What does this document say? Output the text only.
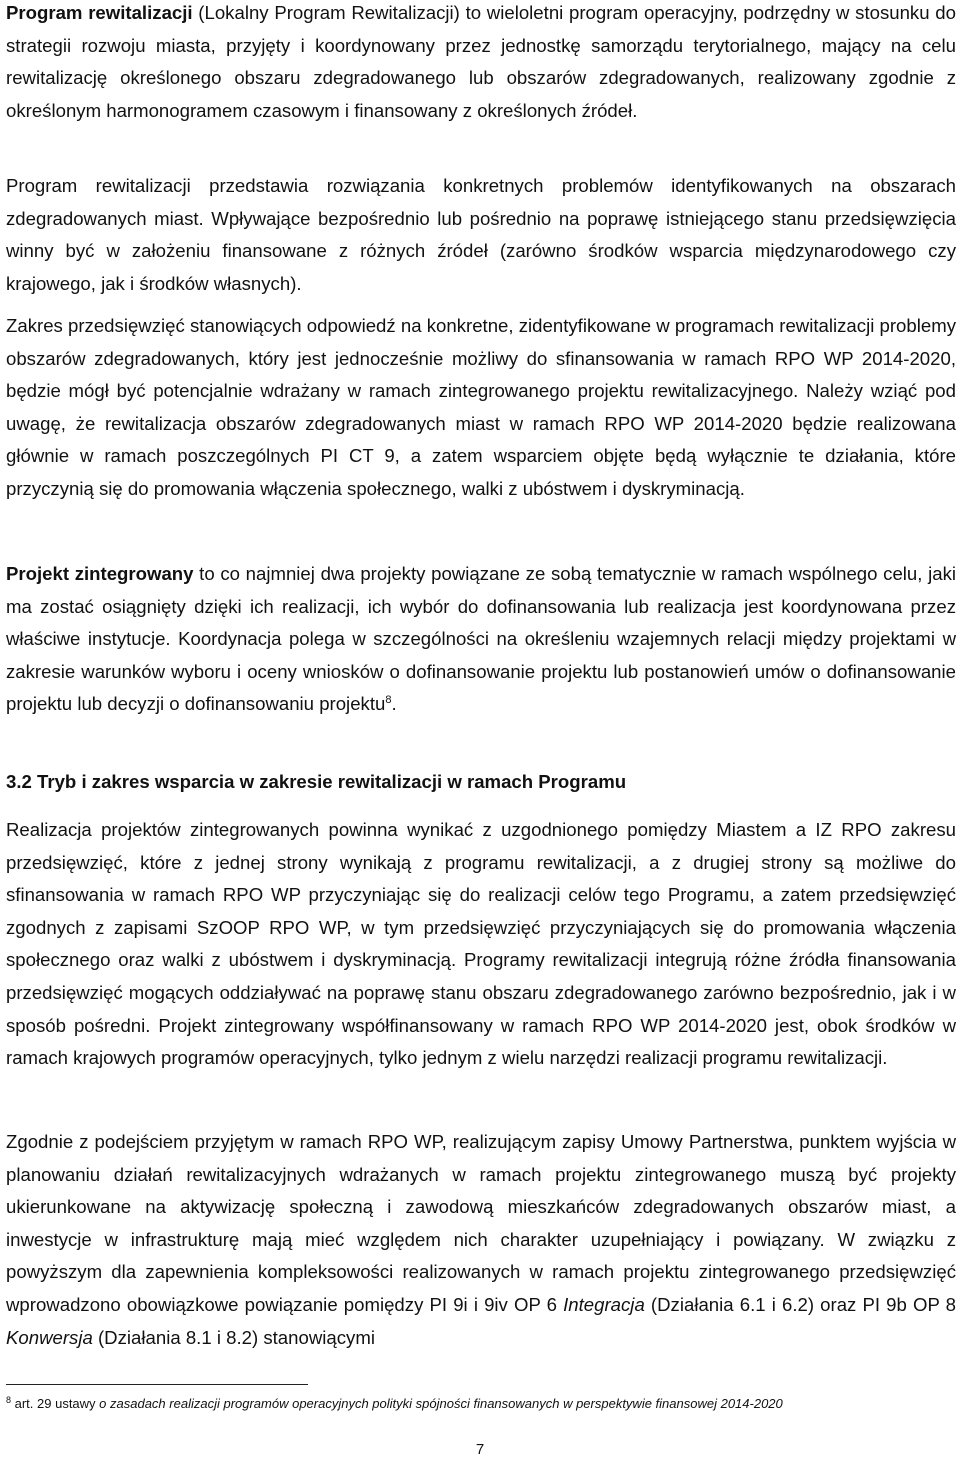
Program rewitalizacji (Lokalny Program Rewitalizacji) to wieloletni program operacyjny, podrzędny w stosunku do strategii rozwoju miasta, przyjęty i koordynowany przez jednostkę samorządu terytorialnego, mający na celu rewitalizację określonego obszaru zdegradowanego lub obszarów zdegradowanych, realizowany zgodnie z określonym harmonogramem czasowym i finansowany z określonych źródeł.

Program rewitalizacji przedstawia rozwiązania konkretnych problemów identyfikowanych na obszarach zdegradowanych miast. Wpływające bezpośrednio lub pośrednio na poprawę istniejącego stanu przedsięwzięcia winny być w założeniu finansowane z różnych źródeł (zarówno środków wsparcia międzynarodowego czy krajowego, jak i środków własnych).

Zakres przedsięwzięć stanowiących odpowiedź na konkretne, zidentyfikowane w programach rewitalizacji problemy obszarów zdegradowanych, który jest jednocześnie możliwy do sfinansowania w ramach RPO WP 2014-2020, będzie mógł być potencjalnie wdrażany w ramach zintegrowanego projektu rewitalizacyjnego. Należy wziąć pod uwagę, że rewitalizacja obszarów zdegradowanych miast w ramach RPO WP 2014-2020 będzie realizowana głównie w ramach poszczególnych PI CT 9, a zatem wsparciem objęte będą wyłącznie te działania, które przyczynią się do promowania włączenia społecznego, walki z ubóstwem i dyskryminacją.

Projekt zintegrowany to co najmniej dwa projekty powiązane ze sobą tematycznie w ramach wspólnego celu, jaki ma zostać osiągnięty dzięki ich realizacji, ich wybór do dofinansowania lub realizacja jest koordynowana przez właściwe instytucje. Koordynacja polega w szczególności na określeniu wzajemnych relacji między projektami w zakresie warunków wyboru i oceny wniosków o dofinansowanie projektu lub postanowień umów o dofinansowanie projektu lub decyzji o dofinansowaniu projektu$^8$.

3.2 Tryb i zakres wsparcia w zakresie rewitalizacji w ramach Programu

Realizacja projektów zintegrowanych powinna wynikać z uzgodnionego pomiędzy Miastem a IZ RPO zakresu przedsięwzięć, które z jednej strony wynikają z programu rewitalizacji, a z drugiej strony są możliwe do sfinansowania w ramach RPO WP przyczyniając się do realizacji celów tego Programu, a zatem przedsięwzięć zgodnych z zapisami SzOOP RPO WP, w tym przedsięwzięć przyczyniających się do promowania włączenia społecznego oraz walki z ubóstwem i dyskryminacją. Programy rewitalizacji integrują różne źródła finansowania przedsięwzięć mogących oddziaływać na poprawę stanu obszaru zdegradowanego zarówno bezpośrednio, jak i w sposób pośredni. Projekt zintegrowany współfinansowany w ramach RPO WP 2014-2020 jest, obok środków w ramach krajowych programów operacyjnych, tylko jednym z wielu narzędzi realizacji programu rewitalizacji.

Zgodnie z podejściem przyjętym w ramach RPO WP, realizującym zapisy Umowy Partnerstwa, punktem wyjścia w planowaniu działań rewitalizacyjnych wdrażanych w ramach projektu zintegrowanego muszą być projekty ukierunkowane na aktywizację społeczną i zawodową mieszkańców zdegradowanych obszarów miast, a inwestycje w infrastrukturę mają mieć względem nich charakter uzupełniający i powiązany. W związku z powyższym dla zapewnienia kompleksowości realizowanych w ramach projektu zintegrowanego przedsięwzięć wprowadzono obowiązkowe powiązanie pomiędzy PI 9i i 9iv OP 6 Integracja (Działania 6.1 i 6.2) oraz PI 9b OP 8 Konwersja (Działania 8.1 i 8.2) stanowiącymi

$^8$ art. 29 ustawy o zasadach realizacji programów operacyjnych polityki spójności finansowanych w perspektywie finansowej 2014-2020

7
